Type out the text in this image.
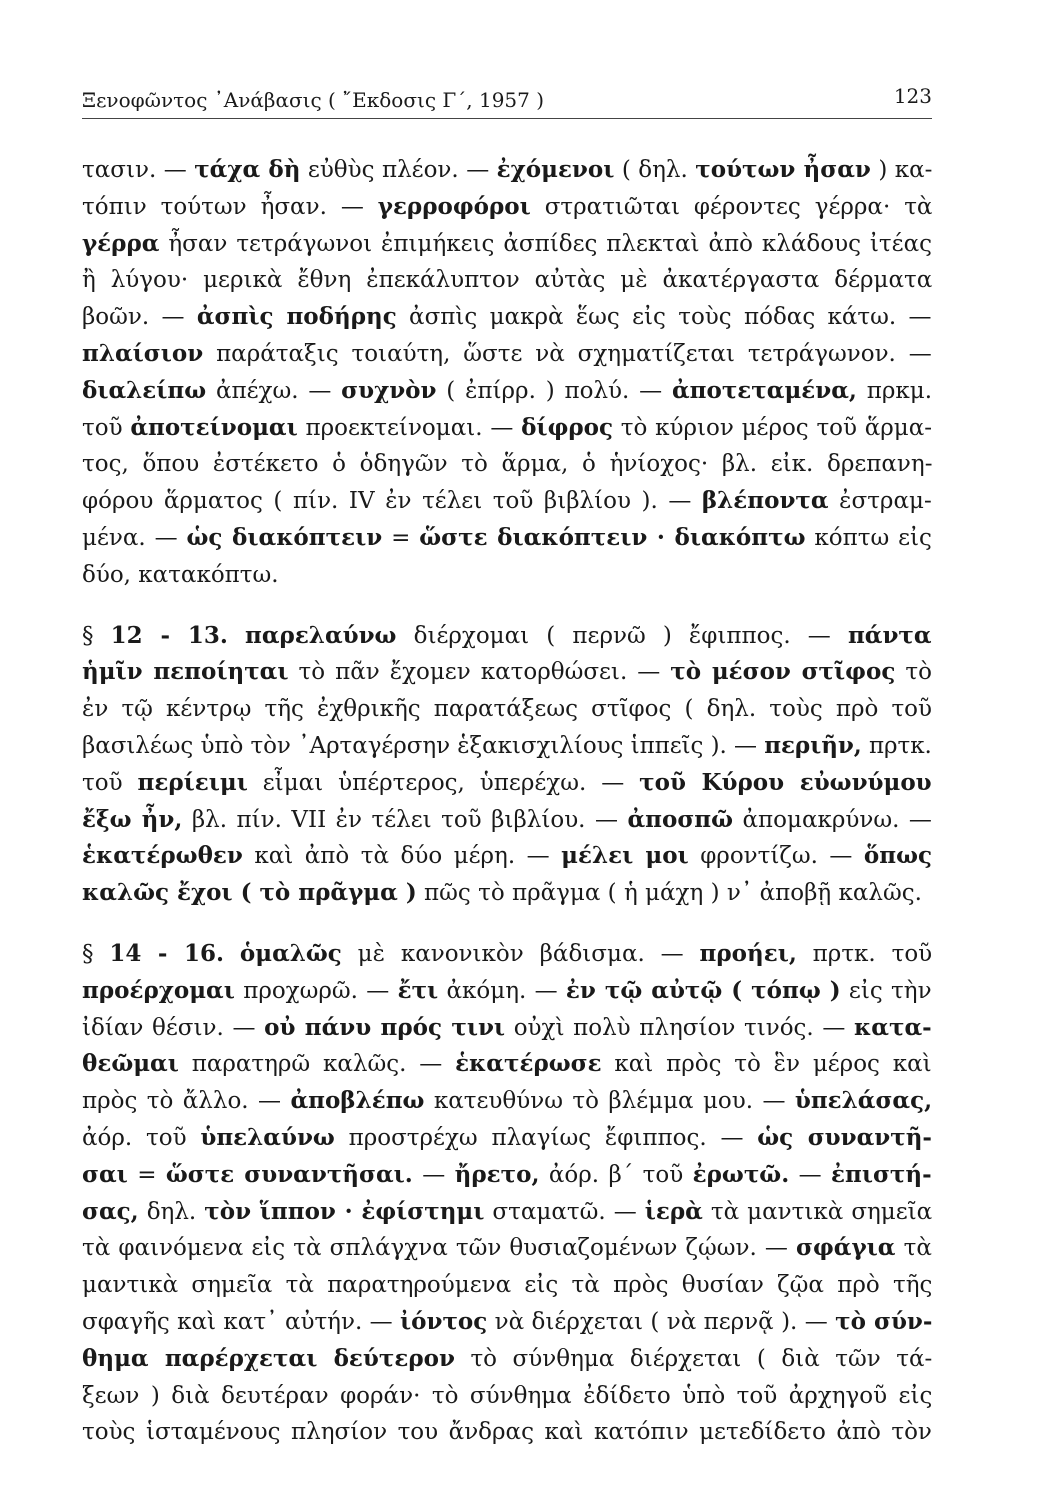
Ξενοφῶντος ᾿Ανάβασις ( ῎Εκδοσις Γ΄, 1957 )	123
τασιν. — τάχα δὴ εὐθὺς πλέον. — ἐχόμενοι ( δηλ. τούτων ἦσαν ) κα-
τόπιν τούτων ἦσαν. — γερροφόροι στρατιῶται φέροντες γέρρα· τὰ
γέρρα ἦσαν τετράγωνοι ἐπιμήκεις ἀσπίδες πλεκταὶ ἀπὸ κλάδους ἰτέας
ἢ λύγου· μερικὰ ἔθνη ἐπεκάλυπτον αὐτὰς μὲ ἀκατέργαστα δέρματα
βοῶν. — ἀσπὶς ποδήρης ἀσπὶς μακρὰ ἕως εἰς τοὺς πόδας κάτω. —
πλαίσιον παράταξις τοιαύτη, ὥστε νὰ σχηματίζεται τετράγωνον. —
διαλείπω ἀπέχω. — συχνὸν ( ἐπίρρ. ) πολύ. — ἀποτεταμένα, πρκμ.
τοῦ ἀποτείνομαι προεκτείνομαι. — δίφρος τὸ κύριον μέρος τοῦ ἅρμα-
τος, ὅπου ἐστέκετο ὁ ὁδηγῶν τὸ ἅρμα, ὁ ἡνίοχος· βλ. εἰκ. δρεπανη-
φόρου ἅρματος ( πίν. IV ἐν τέλει τοῦ βιβλίου ). — βλέποντα ἐστραμ-
μένα. — ὡς διακόπτειν = ὥστε διακόπτειν · διακόπτω κόπτω εἰς
δύο, κατακόπτω.
§ 12 - 13. παρελαύνω διέρχομαι ( περνῶ ) ἔφιππος. — πάντα
ἡμῖν πεποίηται τὸ πᾶν ἔχομεν κατορθώσει. — τὸ μέσον στῖφος τὸ
ἐν τῷ κέντρῳ τῆς ἐχθρικῆς παρατάξεως στῖφος ( δηλ. τοὺς πρὸ τοῦ
βασιλέως ὑπὸ τὸν ᾿Αρταγέρσην ἑξακισχιλίους ἱππεῖς ). — περιῆν, πρτκ.
τοῦ περίειμι εἶμαι ὑπέρτερος, ὑπερέχω. — τοῦ Κύρου εὐωνύμου
ἔξω ἦν, βλ. πίν. VII ἐν τέλει τοῦ βιβλίου. — ἀποσπῶ ἀπομακρύνω. —
ἑκατέρωθεν καὶ ἀπὸ τὰ δύο μέρη. — μέλει μοι φροντίζω. — ὅπως
καλῶς ἔχοι ( τὸ πρᾶγμα ) πῶς τὸ πρᾶγμα ( ἡ μάχη ) ν᾿ ἀποβῇ καλῶς.
§ 14 - 16. ὁμαλῶς μὲ κανονικὸν βάδισμα. — προήει, πρτκ. τοῦ
προέρχομαι προχωρῶ. — ἔτι ἀκόμη. — ἐν τῷ αὐτῷ ( τόπῳ ) εἰς τὴν
ἰδίαν θέσιν. — οὐ πάνυ πρός τινι οὐχὶ πολὺ πλησίον τινός. — κατα-
θεῶμαι παρατηρῶ καλῶς. — ἑκατέρωσε καὶ πρὸς τὸ ἓν μέρος καὶ
πρὸς τὸ ἄλλο. — ἀποβλέπω κατευθύνω τὸ βλέμμα μου. — ὑπελάσας,
ἀόρ. τοῦ ὑπελαύνω προστρέχω πλαγίως ἔφιππος. — ὡς συναντῆ-
σαι = ὥστε συναντῆσαι. — ἤρετο, ἀόρ. β΄ τοῦ ἐρωτῶ. — ἐπιστή-
σας, δηλ. τὸν ἵππον · ἐφίστημι σταματῶ. — ἱερὰ τὰ μαντικὰ σημεῖα
τὰ φαινόμενα εἰς τὰ σπλάγχνα τῶν θυσιαζομένων ζῴων. — σφάγια τὰ
μαντικὰ σημεῖα τὰ παρατηρούμενα εἰς τὰ πρὸς θυσίαν ζῷα πρὸ τῆς
σφαγῆς καὶ κατ᾿ αὐτήν. — ἰόντος νὰ διέρχεται ( νὰ περνᾷ ). — τὸ σύν-
θημα παρέρχεται δεύτερον τὸ σύνθημα διέρχεται ( διὰ τῶν τά-
ξεων ) διὰ δευτέραν φοράν· τὸ σύνθημα ἐδίδετο ὑπὸ τοῦ ἀρχηγοῦ εἰς
τοὺς ἱσταμένους πλησίον του ἄνδρας καὶ κατόπιν μετεδίδετο ἀπὸ τὸν
